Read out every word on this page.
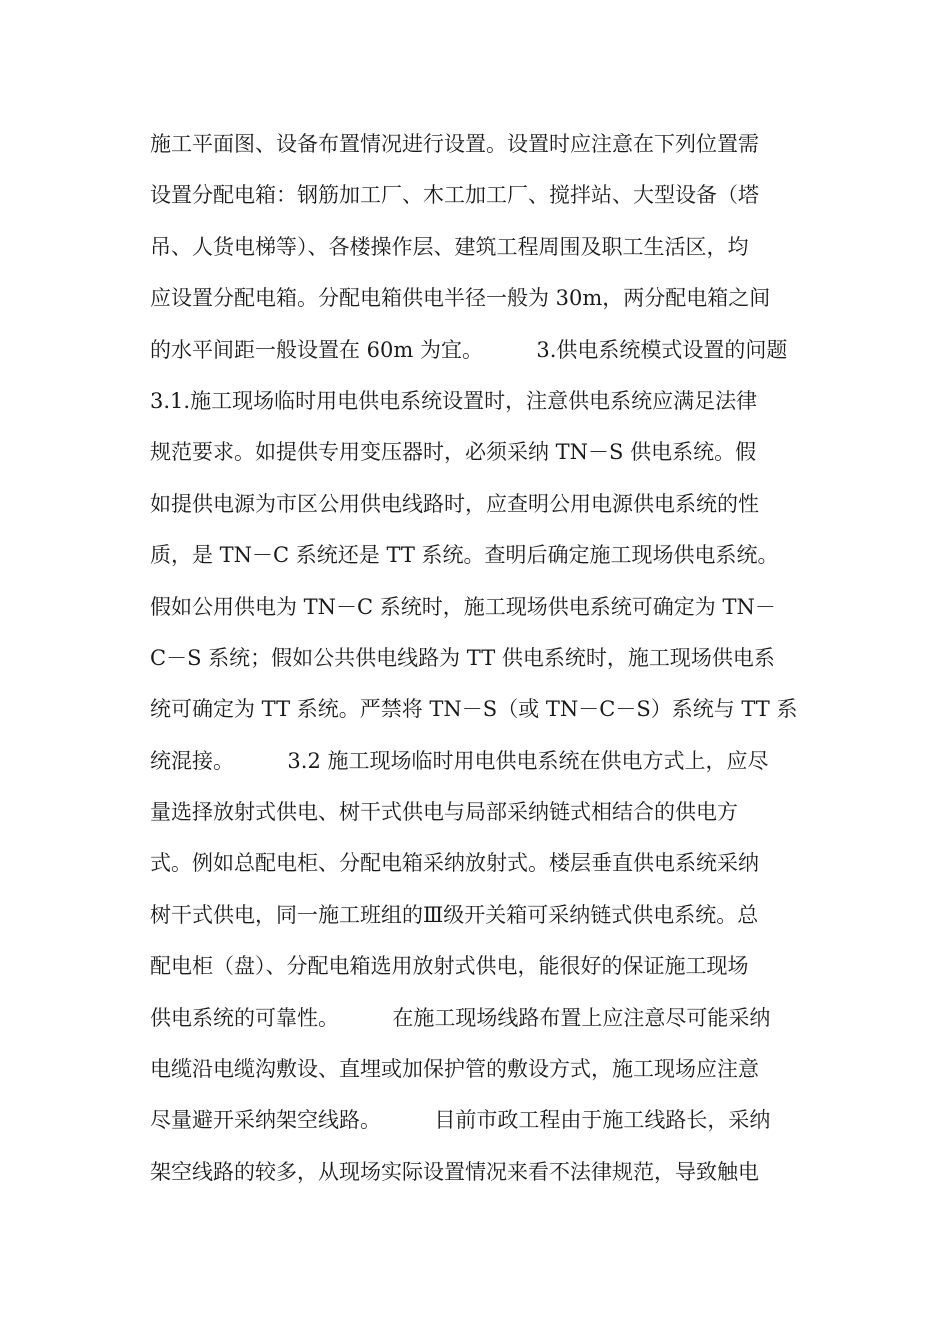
施工平面图、设备布置情况进行设置。设置时应注意在下列位置需
设置分配电箱：钢筋加工厂、木工加工厂、搅拌站、大型设备（塔
吊、人货电梯等）、各楼操作层、建筑工程周围及职工生活区，均
应设置分配电箱。分配电箱供电半径一般为 30m，两分配电箱之间
的水平间距一般设置在 60m 为宜。        3.供电系统模式设置的问题
3.1.施工现场临时用电供电系统设置时，注意供电系统应满足法律
规范要求。如提供专用变压器时，必须采纳 TN－S 供电系统。假
如提供电源为市区公用供电线路时，应查明公用电源供电系统的性
质，是 TN－C 系统还是 TT 系统。查明后确定施工现场供电系统。
假如公用供电为 TN－C 系统时，施工现场供电系统可确定为 TN－
C－S 系统；假如公共供电线路为 TT 供电系统时，施工现场供电系
统可确定为 TT 系统。严禁将 TN－S（或 TN－C－S）系统与 TT 系
统混接。        3.2 施工现场临时用电供电系统在供电方式上，应尽
量选择放射式供电、树干式供电与局部采纳链式相结合的供电方
式。例如总配电柜、分配电箱采纳放射式。楼层垂直供电系统采纳
树干式供电，同一施工班组的Ⅲ级开关箱可采纳链式供电系统。总
配电柜（盘）、分配电箱选用放射式供电，能很好的保证施工现场
供电系统的可靠性。        在施工现场线路布置上应注意尽可能采纳
电缆沿电缆沟敷设、直埋或加保护管的敷设方式，施工现场应注意
尽量避开采纳架空线路。        目前市政工程由于施工线路长，采纳
架空线路的较多，从现场实际设置情况来看不法律规范，导致触电
